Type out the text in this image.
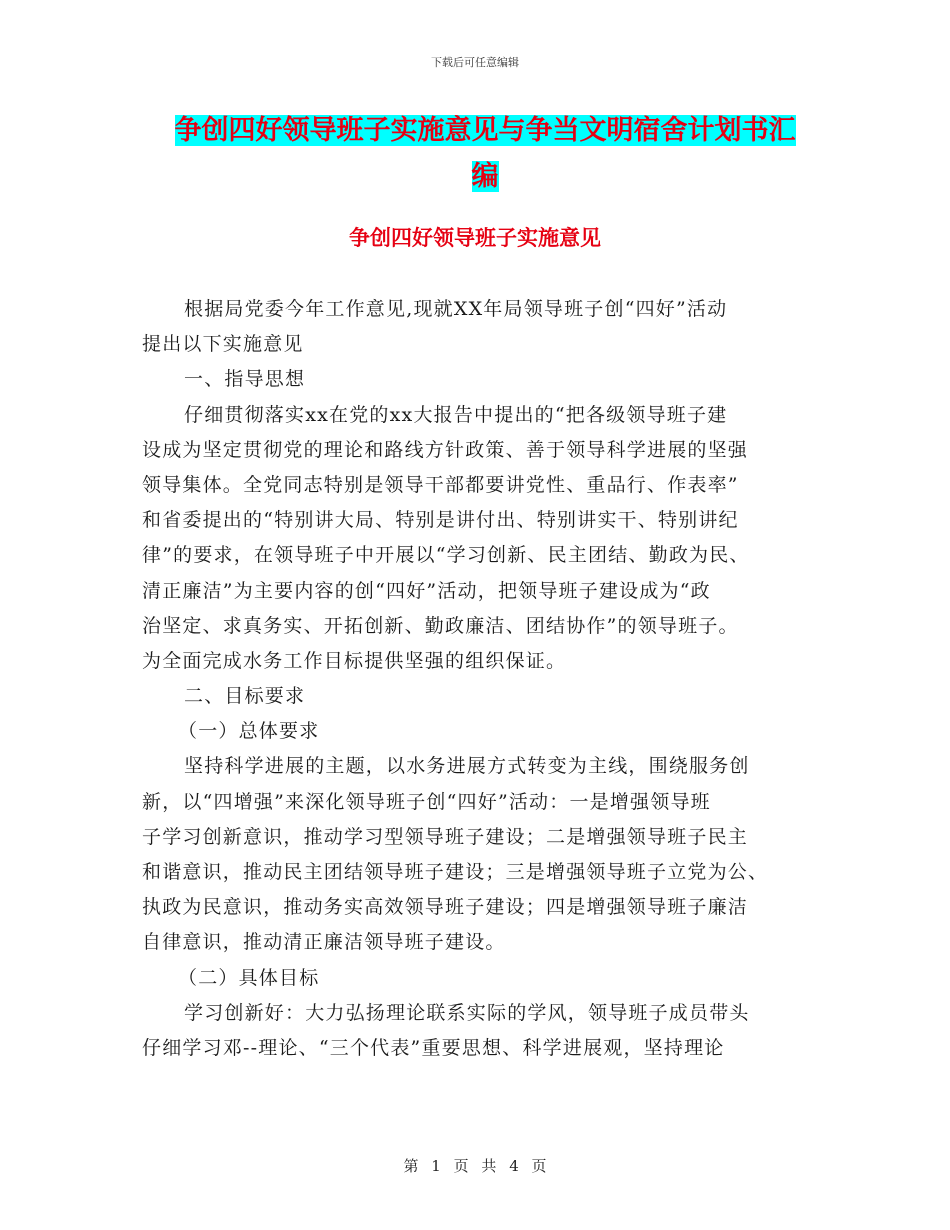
下载后可任意编辑
争创四好领导班子实施意见与争当文明宿舍计划书汇
编
争创四好领导班子实施意见
根据局党委今年工作意见,现就XX年局领导班子创“四好”活动
提出以下实施意见
一、指导思想
仔细贯彻落实xx在党的xx大报告中提出的“把各级领导班子建
设成为坚定贯彻党的理论和路线方针政策、善于领导科学进展的坚强
领导集体。全党同志特别是领导干部都要讲党性、重品行、作表率”
和省委提出的“特别讲大局、特别是讲付出、特别讲实干、特别讲纪
律”的要求，在领导班子中开展以“学习创新、民主团结、勤政为民、
清正廉洁”为主要内容的创“四好”活动，把领导班子建设成为“政
治坚定、求真务实、开拓创新、勤政廉洁、团结协作”的领导班子。
为全面完成水务工作目标提供坚强的组织保证。
二、目标要求
（一）总体要求
坚持科学进展的主题，以水务进展方式转变为主线，围绕服务创
新，以“四增强”来深化领导班子创“四好”活动：一是增强领导班
子学习创新意识，推动学习型领导班子建设；二是增强领导班子民主
和谐意识，推动民主团结领导班子建设；三是增强领导班子立党为公、
执政为民意识，推动务实高效领导班子建设；四是增强领导班子廉洁
自律意识，推动清正廉洁领导班子建设。
（二）具体目标
学习创新好：大力弘扬理论联系实际的学风，领导班子成员带头
仔细学习邓--理论、“三个代表”重要思想、科学进展观，坚持理论
第 1 页 共 4 页
